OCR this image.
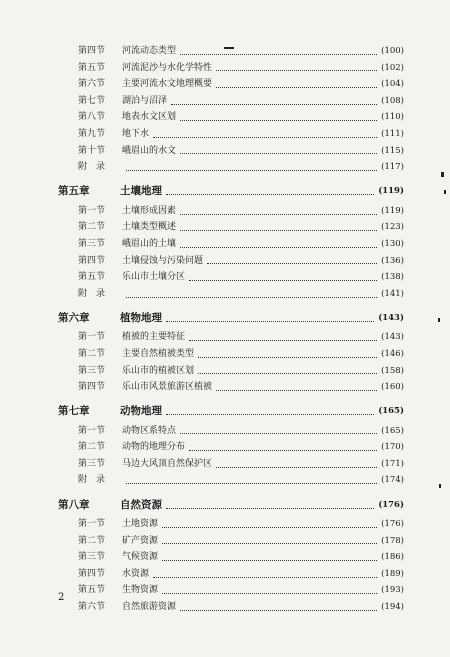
第四节	河流动态类型	(100)
第五节	河流泥沙与水化学特性	(102)
第六节	主要河流水文地理概要	(104)
第七节	湖泊与沼泽	(108)
第八节	地表水文区划	(110)
第九节	地下水	(111)
第十节	峨眉山的水文	(115)
附　录	(117)
第五章	土壤地理	(119)
第一节	土壤形成因素	(119)
第二节	土壤类型概述	(123)
第三节	峨眉山的土壤	(130)
第四节	土壤侵蚀与污染问题	(136)
第五节	乐山市土壤分区	(138)
附　录	(141)
第六章	植物地理	(143)
第一节	植被的主要特征	(143)
第二节	主要自然植被类型	(146)
第三节	乐山市的植被区划	(158)
第四节	乐山市风景旅游区植被	(160)
第七章	动物地理	(165)
第一节	动物区系特点	(165)
第二节	动物的地理分布	(170)
第三节	马边大风顶自然保护区	(171)
附　录	(174)
第八章	自然资源	(176)
第一节	土地资源	(176)
第二节	矿产资源	(178)
第三节	气候资源	(186)
第四节	水资源	(189)
第五节	生物资源	(193)
第六节	自然旅游资源	(194)
2
